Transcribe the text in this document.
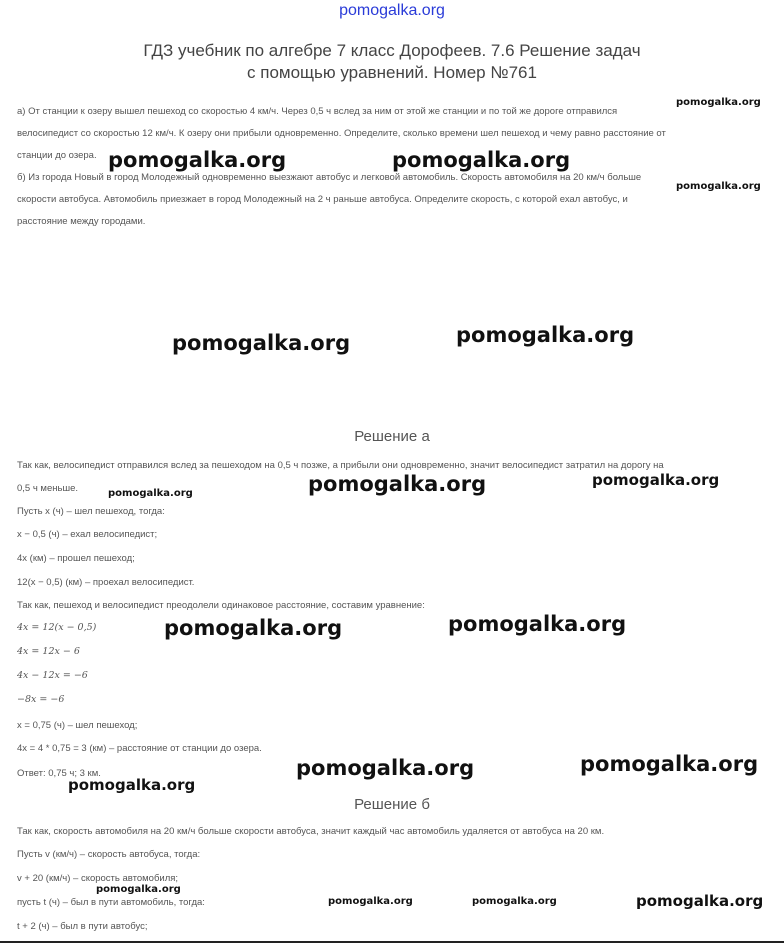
pomogalka.org
ГДЗ учебник по алгебре 7 класс Дорофеев. 7.6 Решение задач
с помощью уравнений. Номер №761
а) От станции к озеру вышел пешеход со скоростью 4 км/ч. Через 0,5 ч вслед за ним от этой же станции и по той же дороге отправился
велосипедист со скоростью 12 км/ч. К озеру они прибыли одновременно. Определите, сколько времени шел пешеход и чему равно расстояние от
станции до озера.
б) Из города Новый в город Молодежный одновременно выезжают автобус и легковой автомобиль. Скорость автомобиля на 20 км/ч больше
скорости автобуса. Автомобиль приезжает в город Молодежный на 2 ч раньше автобуса. Определите скорость, с которой ехал автобус, и
расстояние между городами.
Решение а
Так как, велосипедист отправился вслед за пешеходом на 0,5 ч позже, а прибыли они одновременно, значит велосипедист затратил на дорогу на
0,5 ч меньше.
Пусть x (ч) – шел пешеход, тогда:
x − 0,5 (ч) – ехал велосипедист;
4x (км) – прошел пешеход;
12(x − 0,5) (км) – проехал велосипедист.
Так как, пешеход и велосипедист преодолели одинаковое расстояние, составим уравнение:
4x = 12(x − 0,5)
4x = 12x − 6
4x − 12x = −6
−8x = −6
x = 0,75 (ч) – шел пешеход;
4x = 4 * 0,75 = 3 (км) – расстояние от станции до озера.
Ответ: 0,75 ч; 3 км.
Решение б
Так как, скорость автомобиля на 20 км/ч больше скорости автобуса, значит каждый час автомобиль удаляется от автобуса на 20 км.
Пусть v (км/ч) – скорость автобуса, тогда:
v + 20 (км/ч) – скорость автомобиля;
пусть t (ч) – был в пути автомобиль, тогда:
t + 2 (ч) – был в пути автобус;
pomogalka.org
pomogalka.org	pomogalka.org
pomogalka.org
pomogalka.org	pomogalka.org
pomogalka.org	pomogalka.org	pomogalka.org
pomogalka.org	pomogalka.org
pomogalka.org	pomogalka.org
pomogalka.org
pomogalka.org
pomogalka.org	pomogalka.org	pomogalka.org
